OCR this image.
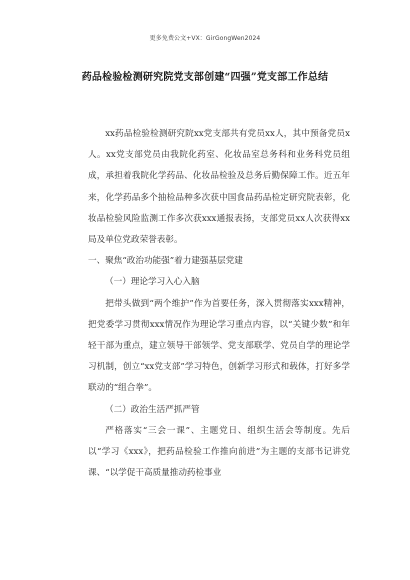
更多免费公文+VX：GirGongWen2024
药品检验检测研究院党支部创建“四强”党支部工作总结

xx药品检验检测研究院xx党支部共有党员xx人，其中预备党员x人。xx党支部党员由我院化药室、化妆品室总务科和业务科党员组成，承担着我院化学药品、化妆品检验及总务后勤保障工作。近五年来，化学药品多个抽检品种多次获中国食品药品检定研究院表彰，化妆品检验风险监测工作多次获xxx通报表扬，支部党员xx人次获得xx局及单位党政荣誉表彰。

一、聚焦“政治功能强”着力建强基层党建

（一）理论学习入心入脑

把带头做到“两个维护”作为首要任务，深入贯彻落实xxx精神，把党委学习贯彻xxx情况作为理论学习重点内容，以“关键少数”和年轻干部为重点，建立领导干部领学、党支部联学、党员自学的理论学习机制，创立“xx党支部”学习特色，创新学习形式和载体，打好多学联动的“组合拳”。

（二）政治生活严抓严管

严格落实“三会一课”、主题党日、组织生活会等制度。先后以“学习《xxx》，把药品检验工作推向前进”为主题的支部书记讲党课、“以学促干高质量推动药检事业
